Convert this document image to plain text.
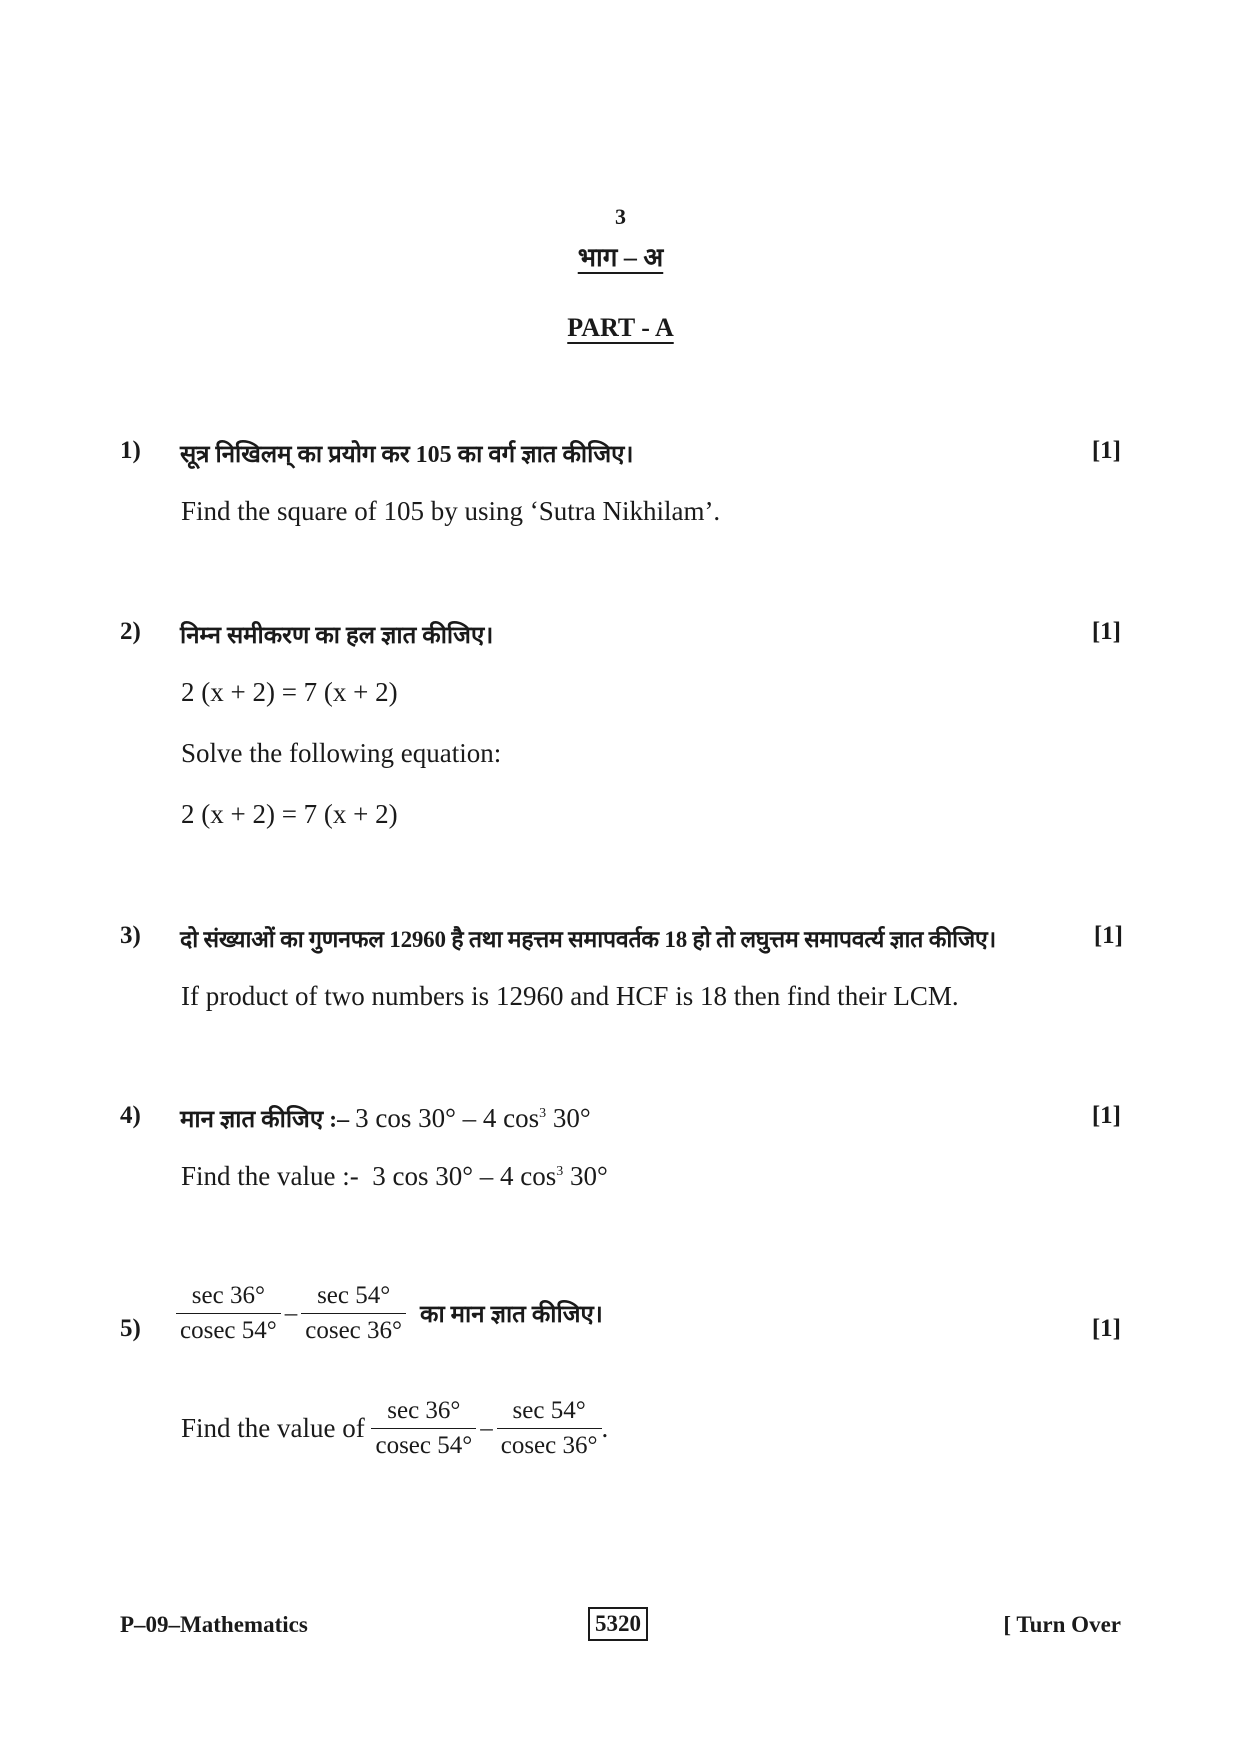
3
भाग – अ
PART - A
1) सूत्र निखिलम् का प्रयोग कर 105 का वर्ग ज्ञात कीजिए।	[1]
Find the square of 105 by using ‘Sutra Nikhilam’.
2) निम्न समीकरण का हल ज्ञात कीजिए।	[1]
2 (x + 2) = 7 (x + 2)
Solve the following equation:
2 (x + 2) = 7 (x + 2)
3) दो संख्याओं का गुणनफल 12960 है तथा महत्तम समापवर्तक 18 हो तो लघुत्तम समापवर्त्य ज्ञात कीजिए।	[1]
If product of two numbers is 12960 and HCF is 18 then find their LCM.
4) मान ज्ञात कीजिए :– 3 cos 30° – 4 $\cos^3 30^\circ$	[1]
Find the value :- 3 cos 30° – 4 $\cos^3 30^\circ$
$5) \frac{\sec 36^\circ}{cosec 54^\circ} - \frac{\sec 54^\circ}{cosec 36^\circ}$ का मान ज्ञात कीजिए।	[1]
Find the value of $\frac{\sec 36^\circ}{cosec 54^\circ} - \frac{\sec 54^\circ}{cosec 36^\circ}$ .
P–09–Mathematics	5320	[ Turn Over
